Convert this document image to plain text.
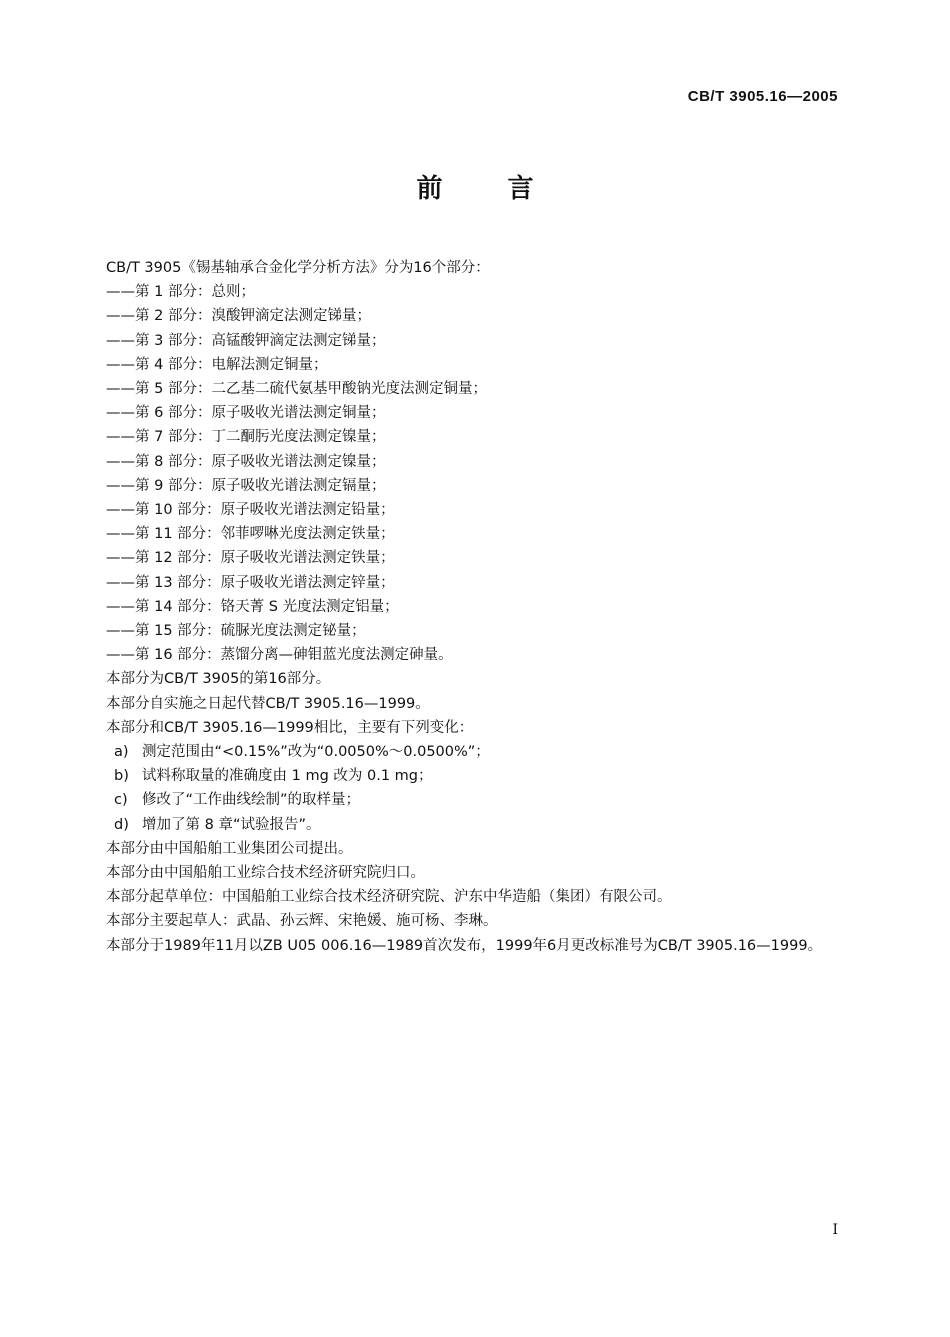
CB/T 3905.16—2005
前 言
CB/T 3905《锡基轴承合金化学分析方法》分为16个部分：
——第 1 部分：总则；
——第 2 部分：溴酸钾滴定法测定锑量；
——第 3 部分：高锰酸钾滴定法测定锑量；
——第 4 部分：电解法测定铜量；
——第 5 部分：二乙基二硫代氨基甲酸钠光度法测定铜量；
——第 6 部分：原子吸收光谱法测定铜量；
——第 7 部分：丁二酮肟光度法测定镍量；
——第 8 部分：原子吸收光谱法测定镍量；
——第 9 部分：原子吸收光谱法测定镉量；
——第 10 部分：原子吸收光谱法测定铅量；
——第 11 部分：邻菲啰啉光度法测定铁量；
——第 12 部分：原子吸收光谱法测定铁量；
——第 13 部分：原子吸收光谱法测定锌量；
——第 14 部分：铬天菁 S 光度法测定铝量；
——第 15 部分：硫脲光度法测定铋量；
——第 16 部分：蒸馏分离—砷钼蓝光度法测定砷量。
本部分为CB/T 3905的第16部分。
本部分自实施之日起代替CB/T 3905.16—1999。
本部分和CB/T 3905.16—1999相比，主要有下列变化：
a) 测定范围由“<0.15%”改为“0.0050%～0.0500%”；
b) 试料称取量的准确度由 1 mg 改为 0.1 mg；
c) 修改了“工作曲线绘制”的取样量；
d) 增加了第 8 章“试验报告”。
本部分由中国船舶工业集团公司提出。
本部分由中国船舶工业综合技术经济研究院归口。
本部分起草单位：中国船舶工业综合技术经济研究院、沪东中华造船（集团）有限公司。
本部分主要起草人：武晶、孙云辉、宋艳媛、施可杨、李琳。
本部分于1989年11月以ZB U05 006.16—1989首次发布，1999年6月更改标准号为CB/T 3905.16—1999。
I
